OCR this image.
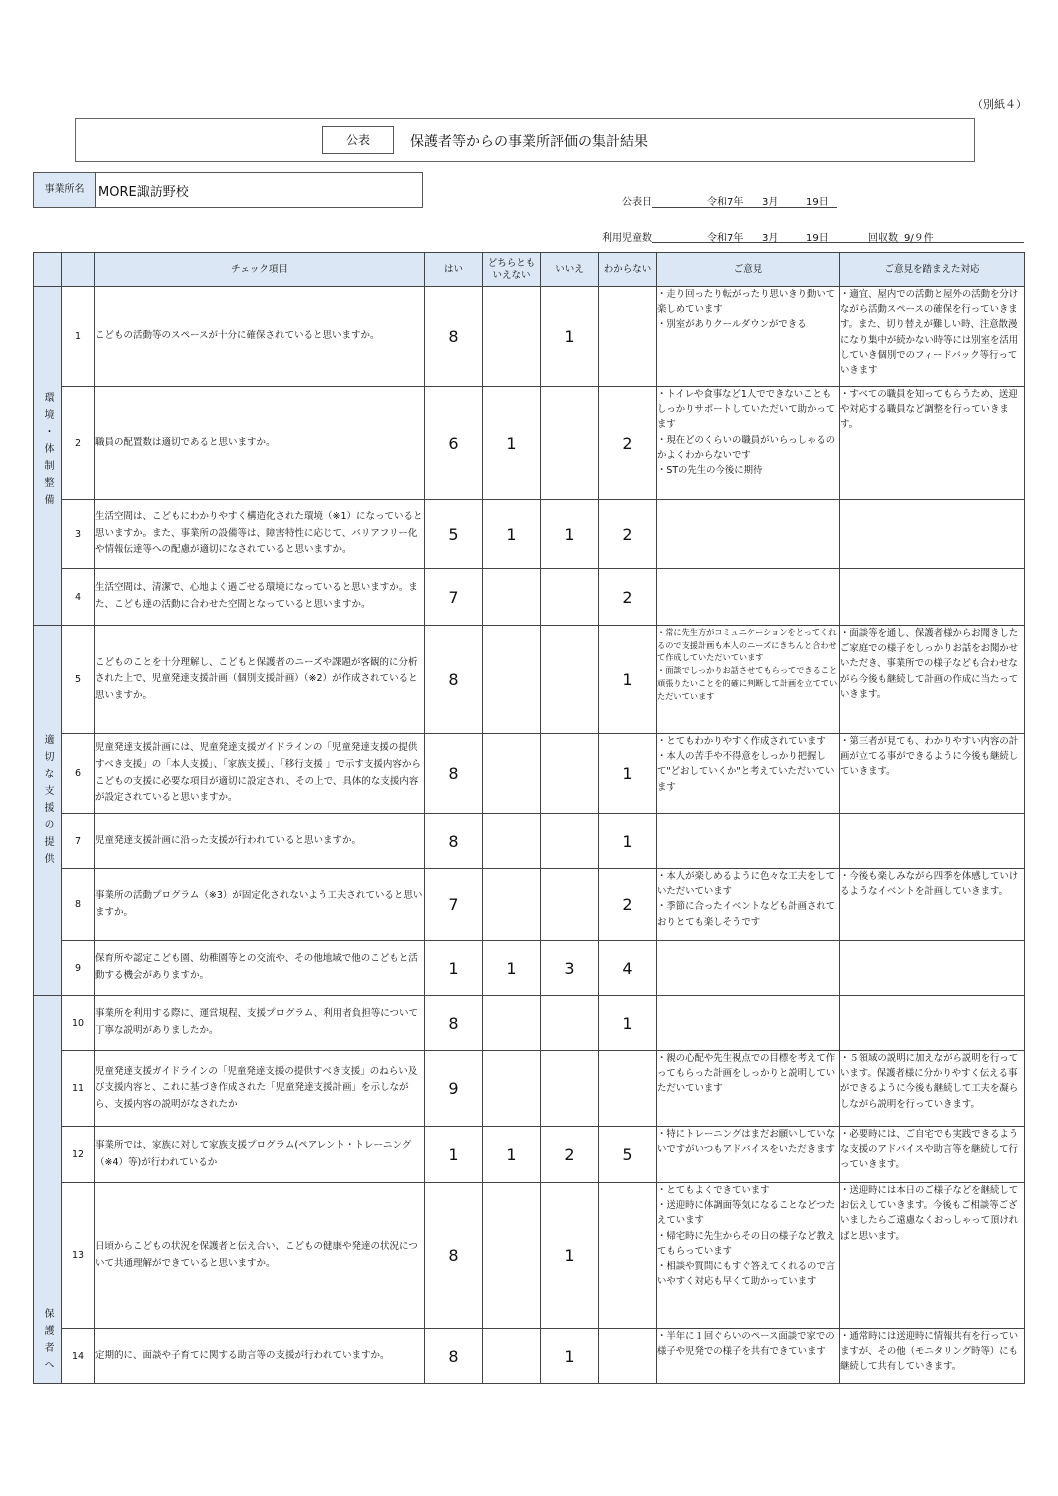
（別紙４）
公表	保護者等からの事業所評価の集計結果
事業所名	MORE諏訪野校
公表日	令和7年 3月	19日
利用児童数	令和7年 3月	19日	回収数 9/９件
		チェック項目	はい	どちらとも
いえない	いいえ	わからない	ご意見	ご意見を踏まえた対応
環境・体制整備	1	こどもの活動等のスペースが十分に確保されていると思いますか。	8		1		・走り回ったり転がったり思いきり動いて楽しめています
・別室がありクールダウンができる	・適宜、屋内での活動と屋外の活動を分けながら活動スペースの確保を行っていきます。また、切り替えが難しい時、注意散漫になり集中が続かない時等には別室を活用していき個別でのフィードバック等行っていきます

	2	職員の配置数は適切であると思いますか。	6	1		2	・トイレや食事など1人でできないこともしっかりサポートしていただいて助かってます
・現在どのくらいの職員がいらっしゃるのかよくわからないです
・STの先生の今後に期待	・すべての職員を知ってもらうため、送迎や対応する職員など調整を行っていきます。

	3	生活空間は、こどもにわかりやすく構造化された環境（※1）になっていると思いますか。また、事業所の設備等は、障害特性に応じて、バリアフリー化や情報伝達等への配慮が適切になされていると思いますか。	5	1	1	2		
	4	生活空間は、清潔で、心地よく過ごせる環境になっていると思いますか。また、こども達の活動に合わせた空間となっていると思いますか。	7			2		
適切な支援の提供	5	こどものことを十分理解し、こどもと保護者のニーズや課題が客観的に分析された上で、児童発達支援計画（個別支援計画）（※2）が作成されていると思いますか。	8			1	・常に先生方がコミュニケーションをとってくれるので支援計画も本人のニーズにきちんと合わせて作成していただいています
・面談でしっかりお話させてもらってできること頑張りたいことを的確に判断して計画を立てていただいています	・面談等を通し、保護者様からお聞きしたご家庭での様子をしっかりお話をお聞かせいただき、事業所での様子なども合わせながら今後も継続して計画の作成に当たっていきます。

	6	児童発達支援計画には、児童発達支援ガイドラインの「児童発達支援の提供すべき支援」の「本人支援」、「家族支援」、「移行支援 」で示す支援内容からこどもの支援に必要な項目が適切に設定され、その上で、具体的な支援内容が設定されていると思いますか。	8			1	・とてもわかりやすく作成されています
・本人の苦手や不得意をしっかり把握して"どおしていくか"と考えていただいています	・第三者が見ても、わかりやすい内容の計画が立てる事ができるように今後も継続していきます。

	7	児童発達支援計画に沿った支援が行われていると思いますか。	8			1		
	8	事業所の活動プログラム（※3）が固定化されないよう工夫されていると思いますか。	7			2	・本人が楽しめるように色々な工夫をしていただいています
・季節に合ったイベントなども計画されておりとても楽しそうです	・今後も楽しみながら四季を体感していけるようなイベントを計画していきます。

	9	保育所や認定こども園、幼稚園等との交流や、その他地域で他のこどもと活動する機会がありますか。	1	1	3	4		
保護者へ	10	事業所を利用する際に、運営規程、支援プログラム、利用者負担等について丁寧な説明がありましたか。	8			1		
	11	児童発達支援ガイドラインの「児童発達支援の提供すべき支援」のねらい及び支援内容と、これに基づき作成された「児童発達支援計画」を示しながら、支援内容の説明がなされたか	9				・親の心配や先生視点での目標を考えて作ってもらった計画をしっかりと説明していただいています	・５領域の説明に加えながら説明を行っています。保護者様に分かりやすく伝える事ができるように今後も継続して工夫を凝らしながら説明を行っていきます。

	12	事業所では、家族に対して家族支援プログラム(ペアレント・トレーニング（※4）等)が行われているか	1	1	2	5	・特にトレーニングはまだお願いしていないですがいつもアドバイスをいただきます	・必要時には、ご自宅でも実践できるような支援のアドバイスや助言等を継続して行っていきます。

	13	日頃からこどもの状況を保護者と伝え合い、こどもの健康や発達の状況について共通理解ができていると思いますか。	8		1		・とてもよくできています
・送迎時に体調面等気になることなどつたえています
・帰宅時に先生からその日の様子など教えてもらっています
・相談や質問にもすぐ答えてくれるので言いやすく対応も早くて助かっています	・送迎時には本日のご様子などを継続してお伝えしていきます。今後もご相談等ございましたらご遠慮なくおっしゃって頂ければと思います。

	14	定期的に、面談や子育てに関する助言等の支援が行われていますか。	8		1		・半年に１回ぐらいのペース面談で家での様子や児発での様子を共有できています	・通常時には送迎時に情報共有を行っていますが、その他（モニタリング時等）にも継続して共有していきます。
